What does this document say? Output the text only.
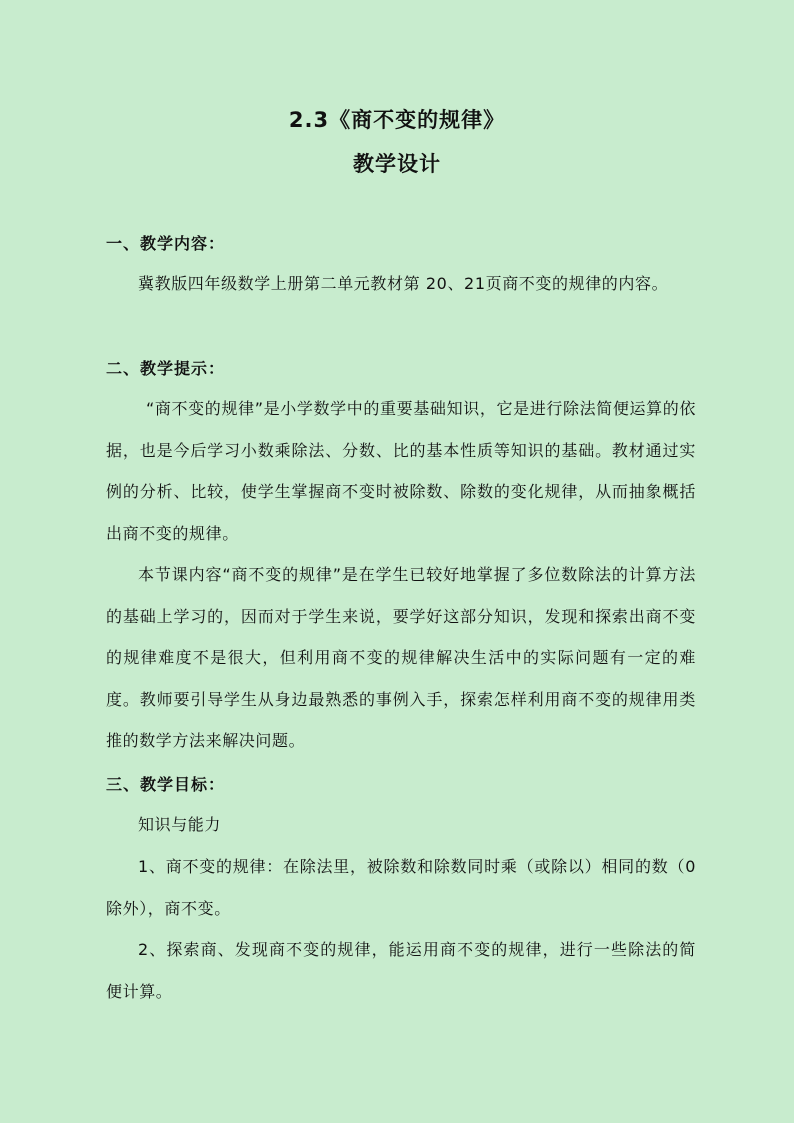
2.3《商不变的规律》
教学设计
一、教学内容：
冀教版四年级数学上册第二单元教材第 20、21页商不变的规律的内容。
二、教学提示：
“商不变的规律”是小学数学中的重要基础知识，它是进行除法简便运算的依据，也是今后学习小数乘除法、分数、比的基本性质等知识的基础。教材通过实例的分析、比较，使学生掌握商不变时被除数、除数的变化规律，从而抽象概括出商不变的规律。
本节课内容“商不变的规律”是在学生已较好地掌握了多位数除法的计算方法的基础上学习的，因而对于学生来说，要学好这部分知识，发现和探索出商不变的规律难度不是很大，但利用商不变的规律解决生活中的实际问题有一定的难度。教师要引导学生从身边最熟悉的事例入手，探索怎样利用商不变的规律用类推的数学方法来解决问题。
三、教学目标：
知识与能力
1、商不变的规律：在除法里，被除数和除数同时乘（或除以）相同的数（0除外），商不变。
2、探索商、发现商不变的规律，能运用商不变的规律，进行一些除法的简便计算。
